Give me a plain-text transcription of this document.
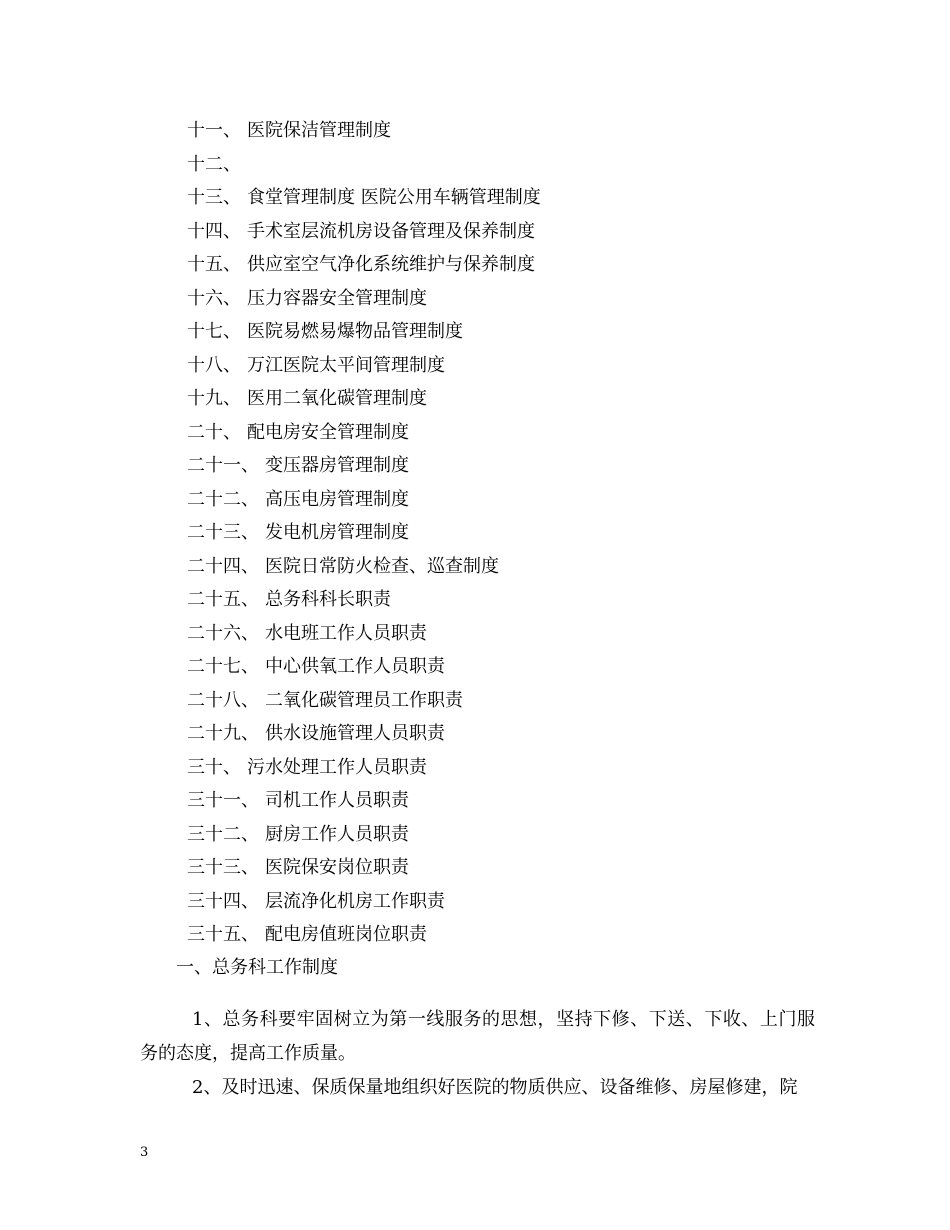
十一、 医院保洁管理制度
十二、
十三、 食堂管理制度 医院公用车辆管理制度
十四、 手术室层流机房设备管理及保养制度
十五、 供应室空气净化系统维护与保养制度
十六、 压力容器安全管理制度
十七、 医院易燃易爆物品管理制度
十八、 万江医院太平间管理制度
十九、 医用二氧化碳管理制度
二十、 配电房安全管理制度
二十一、 变压器房管理制度
二十二、 高压电房管理制度
二十三、 发电机房管理制度
二十四、 医院日常防火检查、巡查制度
二十五、 总务科科长职责
二十六、 水电班工作人员职责
二十七、 中心供氧工作人员职责
二十八、 二氧化碳管理员工作职责
二十九、 供水设施管理人员职责
三十、 污水处理工作人员职责
三十一、 司机工作人员职责
三十二、 厨房工作人员职责
三十三、 医院保安岗位职责
三十四、 层流净化机房工作职责
三十五、 配电房值班岗位职责
一、总务科工作制度

1、总务科要牢固树立为第一线服务的思想，坚持下修、下送、下收、上门服务的态度，提高工作质量。

2、及时迅速、保质保量地组织好医院的物质供应、设备维修、房屋修建，院

3
